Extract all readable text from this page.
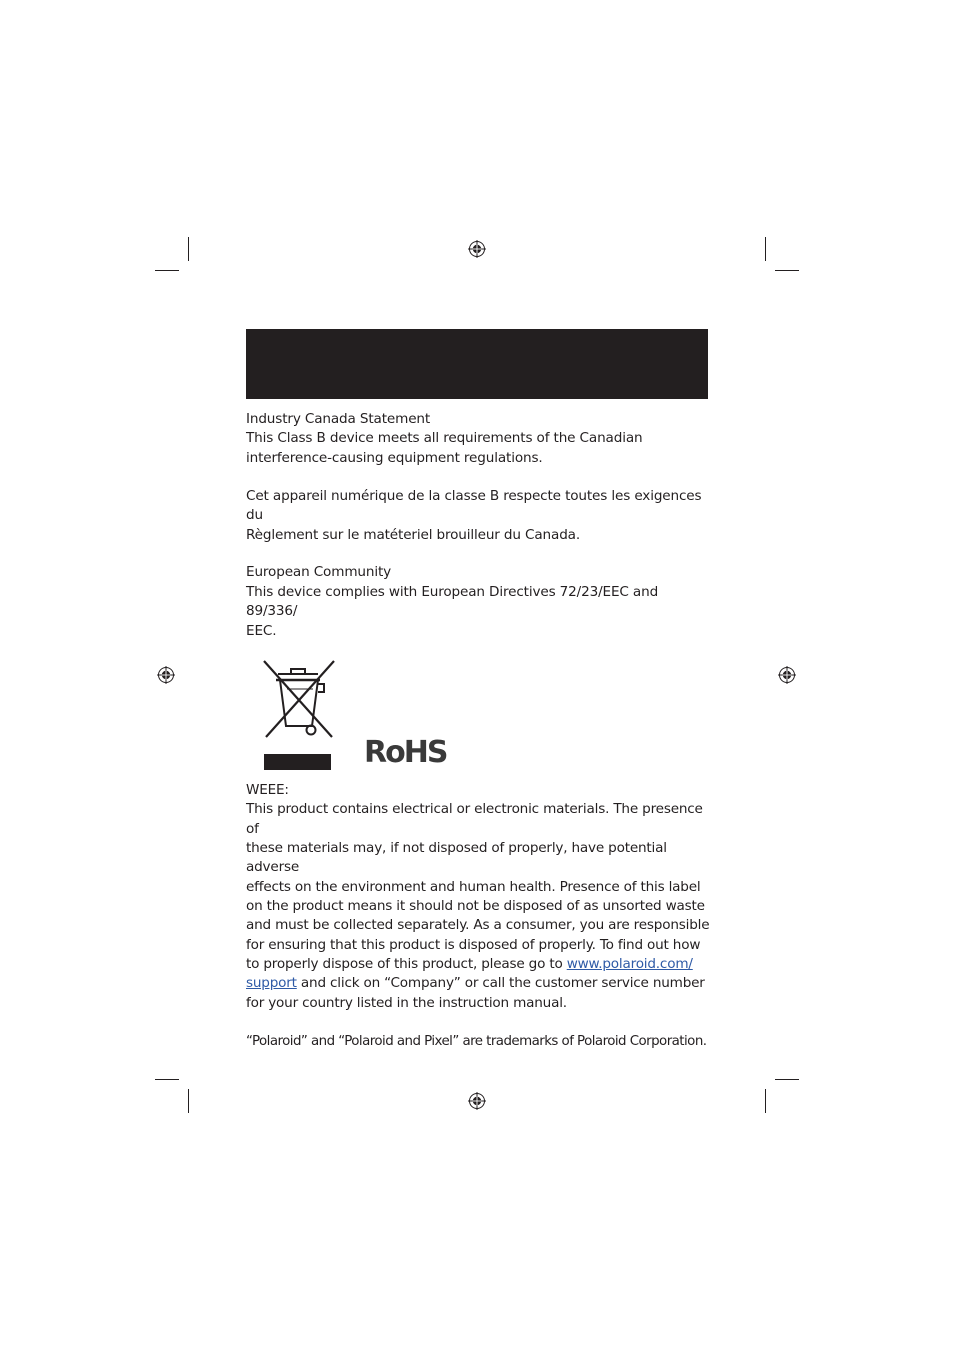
Industry Canada Statement

This Class B device meets all requirements of the Canadian

interference-causing equipment regulations.

Cet appareil numérique de la classe B respecte toutes les exigences du

Règlement sur le matéteriel brouilleur du Canada.

European Community

This device complies with European Directives 72/23/EEC and 89/336/

EEC.

RoHS

WEEE:

This product contains electrical or electronic materials. The presence of

these materials may, if not disposed of properly, have potential adverse

effects on the environment and human health. Presence of this label

on the product means it should not be disposed of as unsorted waste

and must be collected separately. As a consumer, you are responsible

for ensuring that this product is disposed of properly. To find out how

to properly dispose of this product, please go to www.polaroid.com/

support and click on “Company” or call the customer service number

for your country listed in the instruction manual.

“Polaroid” and “Polaroid and Pixel” are trademarks of Polaroid Corporation.
